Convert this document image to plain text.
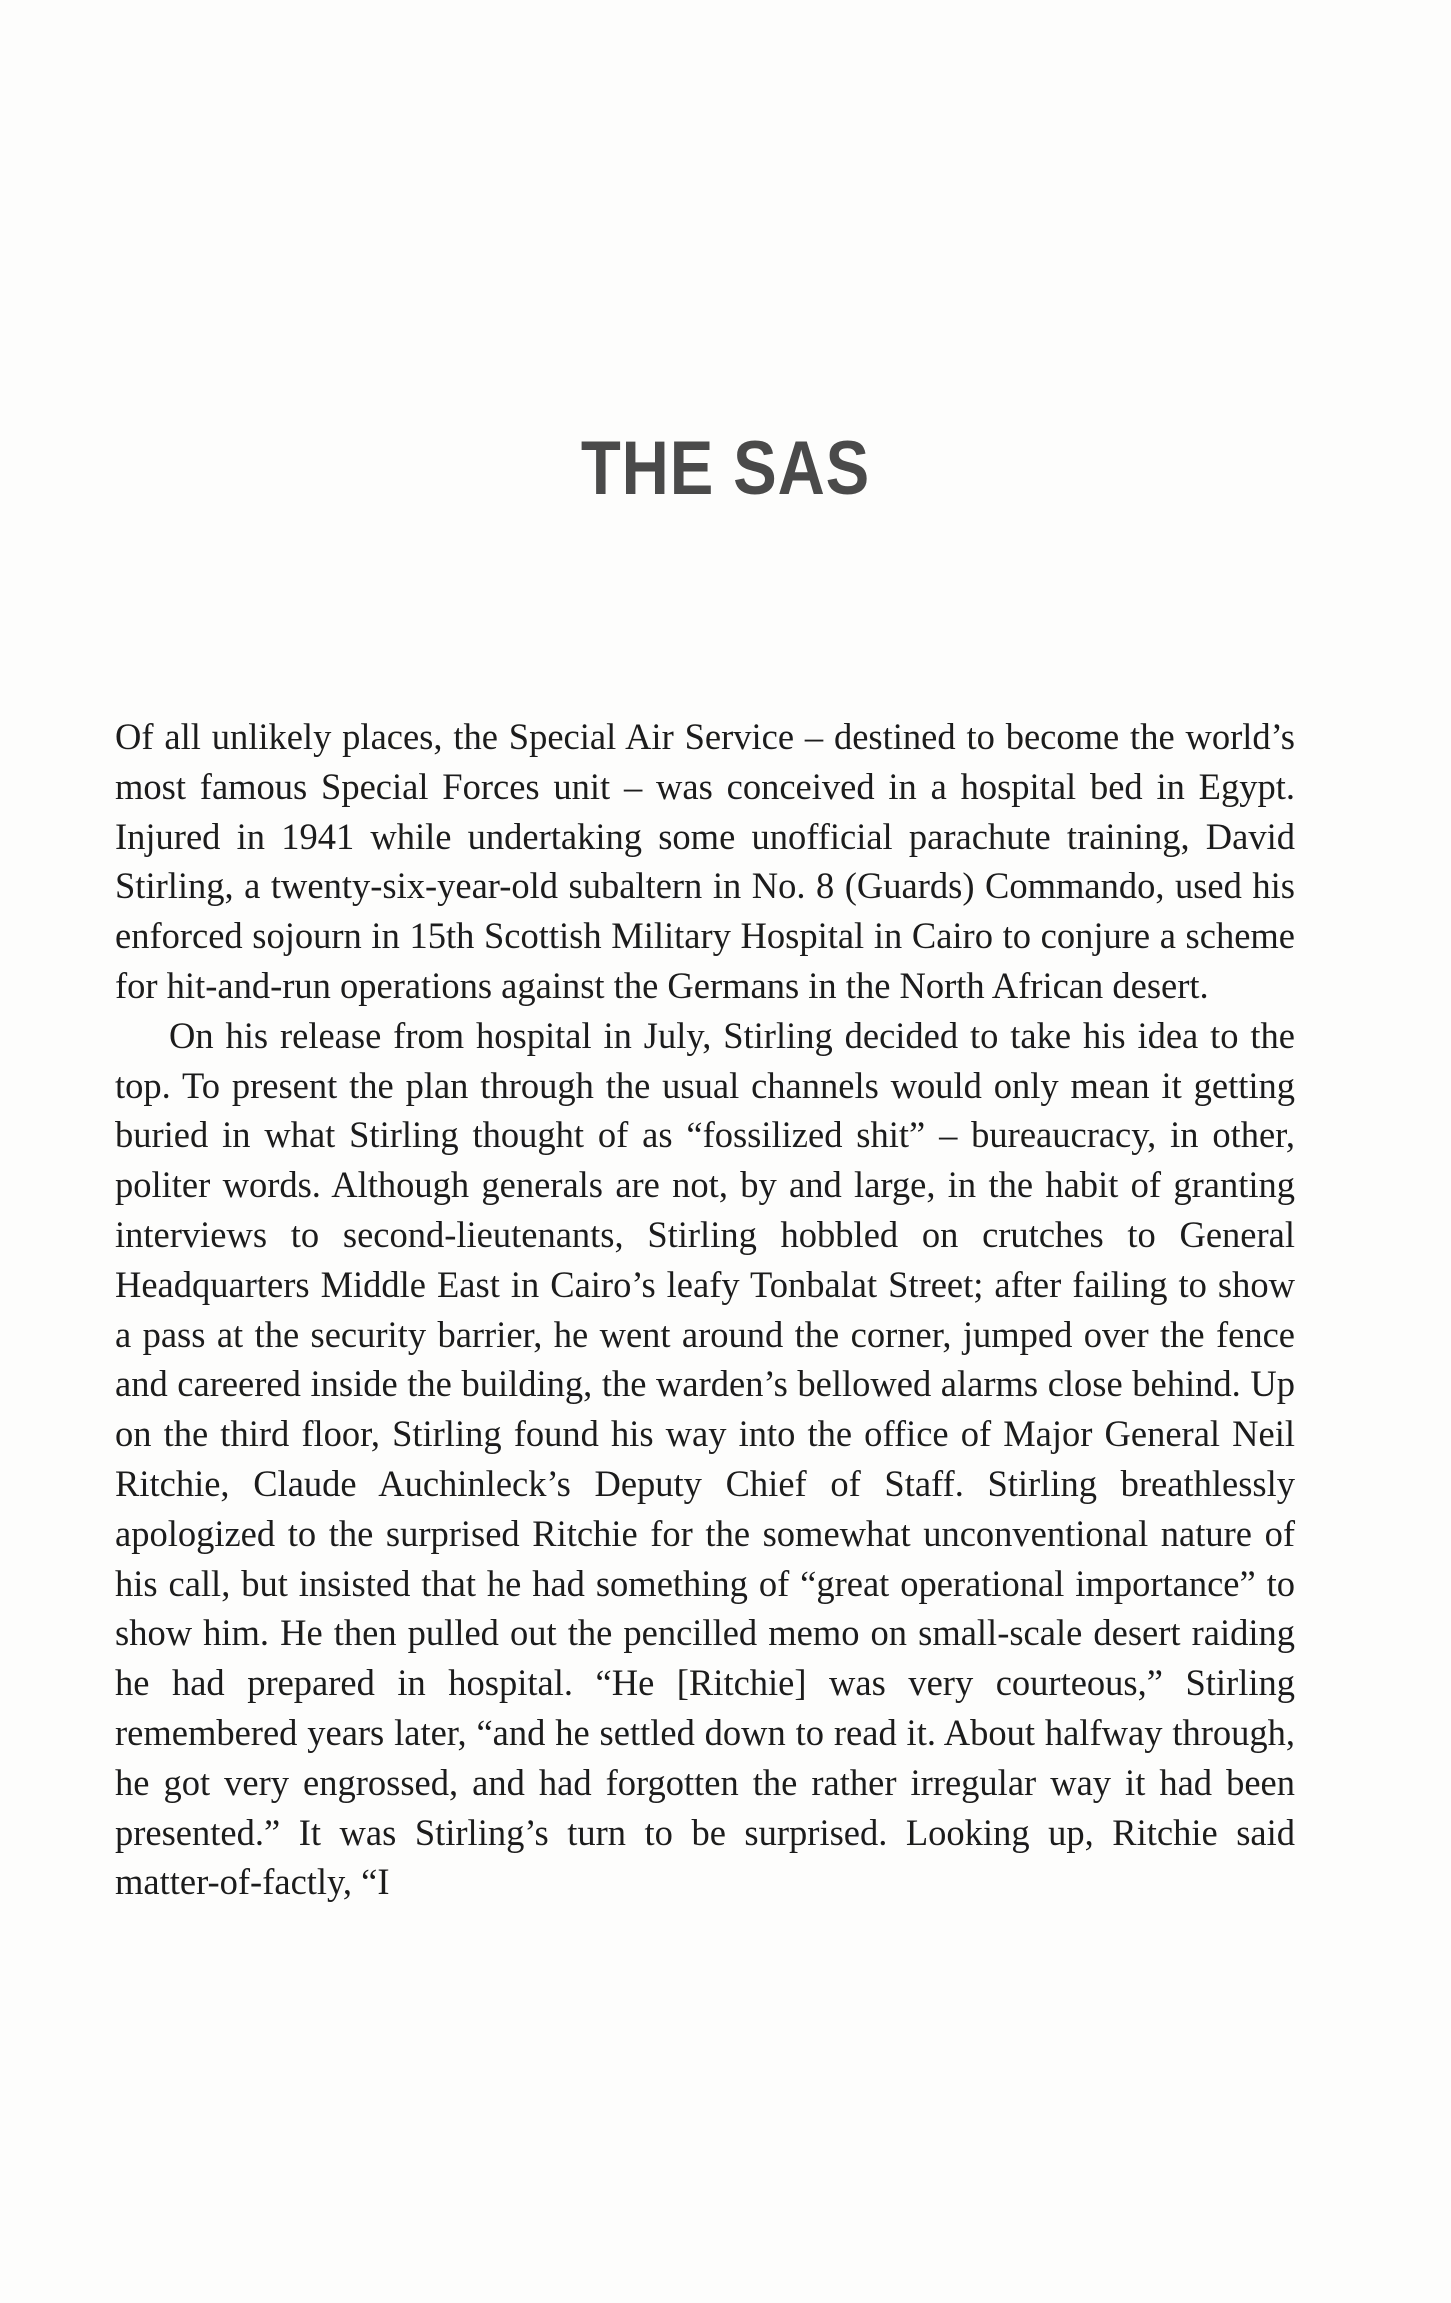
THE SAS

Of all unlikely places, the Special Air Service – destined to become the world’s most famous Special Forces unit – was conceived in a hospital bed in Egypt. Injured in 1941 while undertaking some unofficial parachute training, David Stirling, a twenty-six-year-old subaltern in No. 8 (Guards) Commando, used his enforced sojourn in 15th Scottish Military Hospital in Cairo to conjure a scheme for hit-and-run operations against the Germans in the North African desert.

On his release from hospital in July, Stirling decided to take his idea to the top. To present the plan through the usual channels would only mean it getting buried in what Stirling thought of as “fossilized shit” – bureaucracy, in other, politer words. Although generals are not, by and large, in the habit of granting interviews to second-lieutenants, Stirling hobbled on crutches to General Headquarters Middle East in Cairo’s leafy Tonbalat Street; after failing to show a pass at the security barrier, he went around the corner, jumped over the fence and careered inside the building, the warden’s bellowed alarms close behind. Up on the third floor, Stirling found his way into the office of Major General Neil Ritchie, Claude Auchinleck’s Deputy Chief of Staff. Stirling breathlessly apologized to the surprised Ritchie for the somewhat unconventional nature of his call, but insisted that he had something of “great operational importance” to show him. He then pulled out the pencilled memo on small-scale desert raiding he had prepared in hospital. “He [Ritchie] was very courteous,” Stirling remembered years later, “and he settled down to read it. About halfway through, he got very engrossed, and had forgotten the rather irregular way it had been presented.” It was Stirling’s turn to be surprised. Looking up, Ritchie said matter-of-factly, “I
